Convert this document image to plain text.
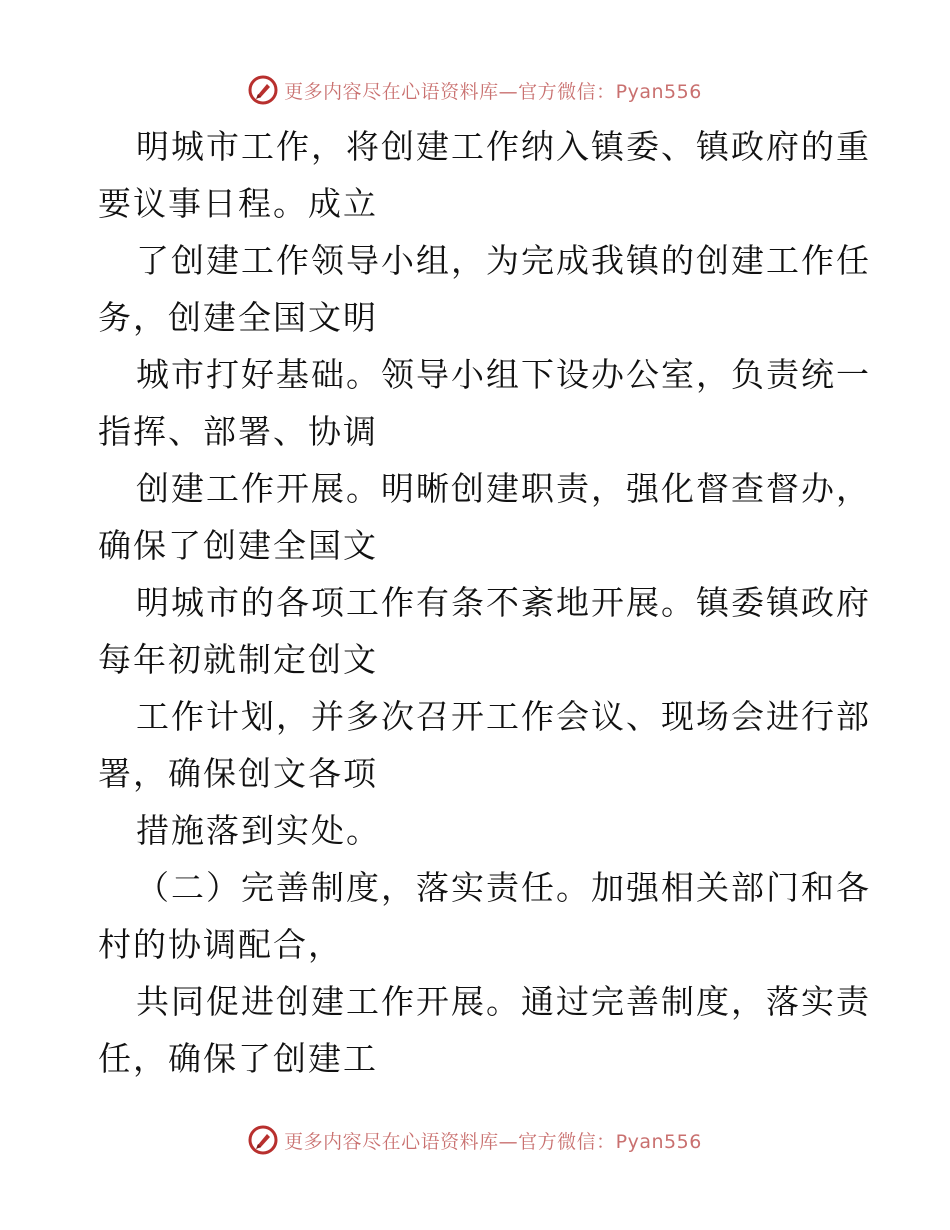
更多内容尽在心语资料库—官方微信：Pyan556

明城市工作，将创建工作纳入镇委、镇政府的重
要议事日程。成立

了创建工作领导小组，为完成我镇的创建工作任
务，创建全国文明

城市打好基础。领导小组下设办公室，负责统一
指挥、部署、协调

创建工作开展。明晰创建职责，强化督查督办，
确保了创建全国文

明城市的各项工作有条不紊地开展。镇委镇政府
每年初就制定创文

工作计划，并多次召开工作会议、现场会进行部
署，确保创文各项

措施落到实处。

（二）完善制度，落实责任。加强相关部门和各
村的协调配合，

共同促进创建工作开展。通过完善制度，落实责
任，确保了创建工

更多内容尽在心语资料库—官方微信：Pyan556
